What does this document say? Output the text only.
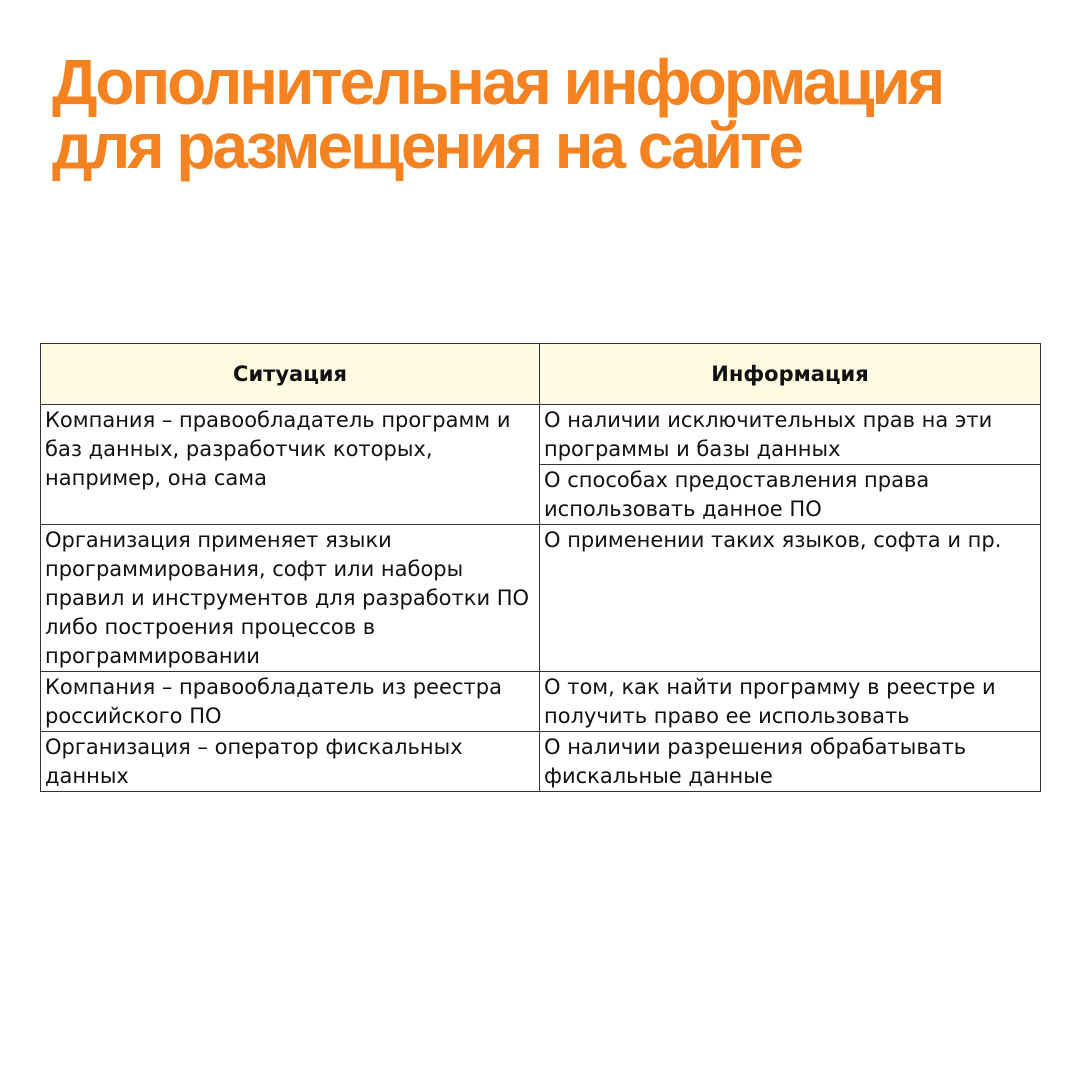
Дополнительная информация
для размещения на сайте
Ситуация	Информация

Компания – правообладатель программ и баз данных, разработчик которых, например, она сама	О наличии исключительных прав на эти программы и базы данных

	О способах предоставления права использовать данное ПО

Организация применяет языки программирования, софт или наборы правил и инструментов для разработки ПО либо построения процессов в программировании	О применении таких языков, софта и пр.

Компания – правообладатель из реестра российского ПО	О том, как найти программу в реестре и получить право ее использовать

Организация – оператор фискальных данных	О наличии разрешения обрабатывать фискальные данные
